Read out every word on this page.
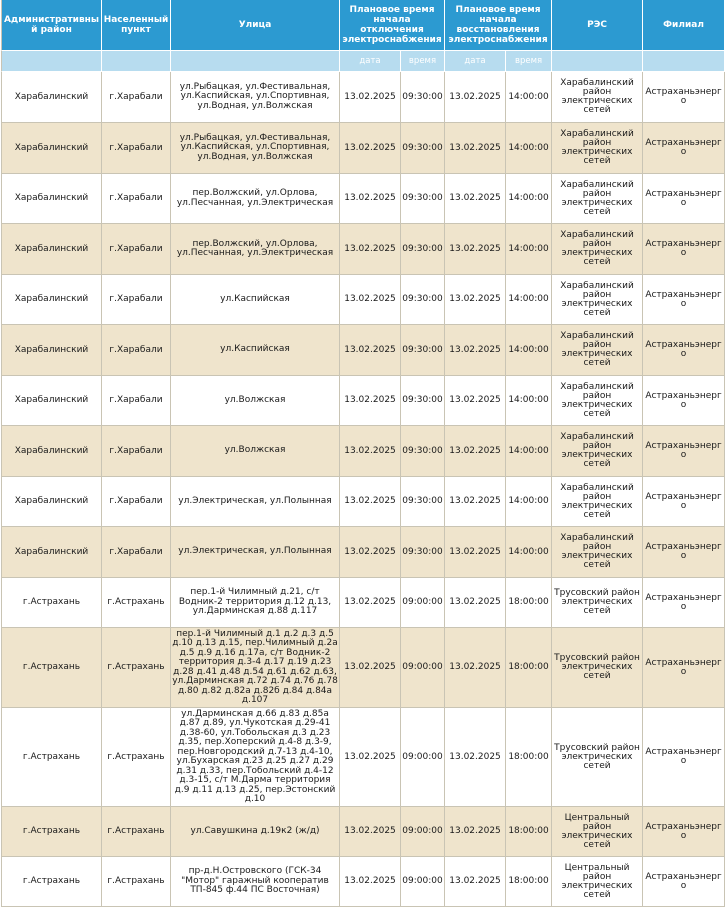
Административный район	Населенный пункт	Улица	Плановое время начала отключения электроснабжения		Плановое время начала восстановления электроснабжения		РЭС	Филиал
			дата	время	дата	время		
Харабалинский	г.Харабали	ул.Рыбацкая, ул.Фестивальная, ул.Каспийская, ул.Спортивная, ул.Водная, ул.Волжская	13.02.2025	09:30:00	13.02.2025	14:00:00	Харабалинский район электрических сетей	Астраханьэнерго
Харабалинский	г.Харабали	ул.Рыбацкая, ул.Фестивальная, ул.Каспийская, ул.Спортивная, ул.Водная, ул.Волжская	13.02.2025	09:30:00	13.02.2025	14:00:00	Харабалинский район электрических сетей	Астраханьэнерго
Харабалинский	г.Харабали	пер.Волжский, ул.Орлова, ул.Песчанная, ул.Электрическая	13.02.2025	09:30:00	13.02.2025	14:00:00	Харабалинский район электрических сетей	Астраханьэнерго
Харабалинский	г.Харабали	пер.Волжский, ул.Орлова, ул.Песчанная, ул.Электрическая	13.02.2025	09:30:00	13.02.2025	14:00:00	Харабалинский район электрических сетей	Астраханьэнерго
Харабалинский	г.Харабали	ул.Каспийская	13.02.2025	09:30:00	13.02.2025	14:00:00	Харабалинский район электрических сетей	Астраханьэнерго
Харабалинский	г.Харабали	ул.Каспийская	13.02.2025	09:30:00	13.02.2025	14:00:00	Харабалинский район электрических сетей	Астраханьэнерго
Харабалинский	г.Харабали	ул.Волжская	13.02.2025	09:30:00	13.02.2025	14:00:00	Харабалинский район электрических сетей	Астраханьэнерго
Харабалинский	г.Харабали	ул.Волжская	13.02.2025	09:30:00	13.02.2025	14:00:00	Харабалинский район электрических сетей	Астраханьэнерго
Харабалинский	г.Харабали	ул.Электрическая, ул.Полынная	13.02.2025	09:30:00	13.02.2025	14:00:00	Харабалинский район электрических сетей	Астраханьэнерго
Харабалинский	г.Харабали	ул.Электрическая, ул.Полынная	13.02.2025	09:30:00	13.02.2025	14:00:00	Харабалинский район электрических сетей	Астраханьэнерго
г.Астрахань	г.Астрахань	пер.1-й Чилимный д.21, с/т Водник-2 территория д.12 д.13, ул.Дарминская д.88 д.117	13.02.2025	09:00:00	13.02.2025	18:00:00	Трусовский район электрических сетей	Астраханьэнерго
г.Астрахань	г.Астрахань	пер.1-й Чилимный д.1 д.2 д.3 д.5 д.10 д.13 д.15, пер.Чилимный д.2а д.5 д.9 д.16 д.17а, с/т Водник-2 территория д.3-4 д.17 д.19 д.23 д.28 д.41 д.48 д.54 д.61 д.62 д.63, ул.Дарминская д.72 д.74 д.76 д.78 д.80 д.82 д.82а д.82б д.84 д.84а д.107	13.02.2025	09:00:00	13.02.2025	18:00:00	Трусовский район электрических сетей	Астраханьэнерго
г.Астрахань	г.Астрахань	ул.Дарминская д.66 д.83 д.85а д.87 д.89, ул.Чукотская д.29-41 д.38-60, ул.Тобольская д.3 д.23 д.35, пер.Хоперский д.4-8 д.3-9, пер.Новгородский д.7-13 д.4-10, ул.Бухарская д.23 д.25 д.27 д.29 д.31 д.33, пер.Тобольский д.4-12 д.3-15, с/т М.Дарма территория д.9 д.11 д.13 д.25, пер.Эстонский д.10	13.02.2025	09:00:00	13.02.2025	18:00:00	Трусовский район электрических сетей	Астраханьэнерго
г.Астрахань	г.Астрахань	ул.Савушкина д.19к2 (ж/д)	13.02.2025	09:00:00	13.02.2025	18:00:00	Центральный район электрических сетей	Астраханьэнерго
г.Астрахань	г.Астрахань	пр-д.Н.Островского (ГСК-34 "Мотор" гаражный кооператив ТП-845 ф.44 ПС Восточная)	13.02.2025	09:00:00	13.02.2025	18:00:00	Центральный район электрических сетей	Астраханьэнерго
